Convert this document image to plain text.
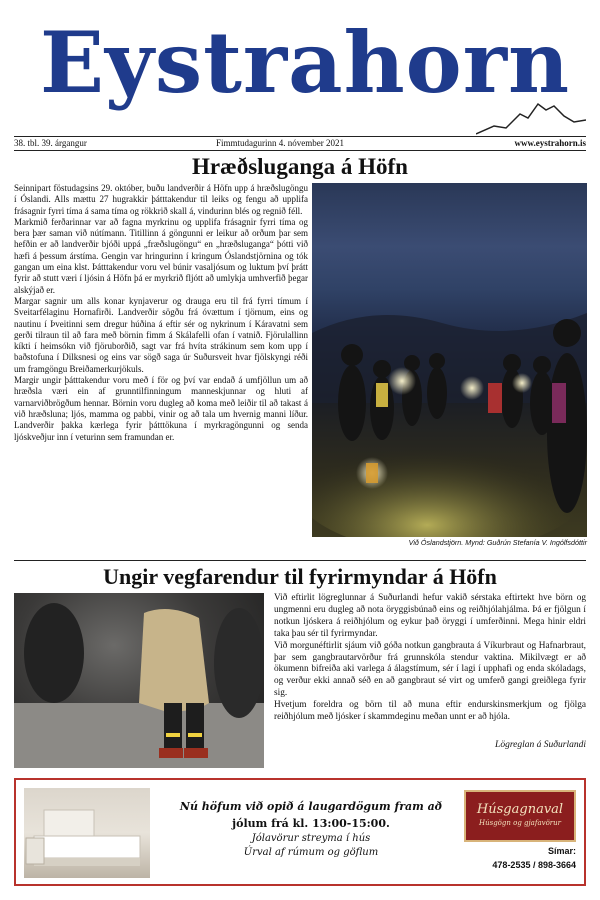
Eystrahorn
38. tbl. 39. árgangur	Fimmtudagurinn 4. nóvember 2021	www.eystrahorn.is
Hræðsluganga á Höfn

Seinnipart föstudagsins 29. október, buðu landverðir á Höfn upp á hræðslugöngu í Óslandi. Alls mættu 27 hugrakkir þátttakendur til leiks og fengu að upplifa frásagnir fyrri tíma á sama tíma og rökkrið skall á, vindurinn blés og regnið féll.

Markmið ferðarinnar var að fagna myrkrinu og upplifa frásagnir fyrri tíma og bera þær saman við nútímann. Titillinn á göngunni er leikur að orðum þar sem hefðin er að landverðir bjóði uppá „fræðslugöngu“ en „hræðsluganga“ þótti við hæfi á þessum árstíma. Gengin var hringurinn í kringum Óslandstjörnina og tók gangan um eina klst. Þátttakendur voru vel búnir vasaljósum og luktum því þrátt fyrir að stutt væri í ljósin á Höfn þá er myrkrið fljótt að umlykja umhverfið þegar alskýjað er.

Margar sagnir um alls konar kynjaverur og drauga eru til frá fyrri tímum í Sveitarfélaginu Hornafirði. Landverðir sögðu frá óvættum í tjörnum, eins og nautinu í Þveitinni sem dregur húðina á eftir sér og nykrinum í Káravatni sem gerði tilraun til að fara með börnin fimm á Skálafelli ofan í vatnið. Fjörulallinn kíkti í heimsókn við fjöruborðið, sagt var frá hvíta strákinum sem kom upp í baðstofuna í Dilksnesi og eins var sögð saga úr Suðursveit hvar fjölskyngi réði um framgöngu Breiðamerkurjökuls.

Margir ungir þátttakendur voru með í för og því var endað á umfjöllun um að hræðsla væri ein af grunntilfinningum manneskjunnar og hluti af varnarviðbrögðum hennar. Börnin voru dugleg að koma með leiðir til að takast á við hræðsluna; ljós, mamma og pabbi, vinir og að tala um hvernig manni líður. Landverðir þakka kærlega fyrir þátttökuna í myrkragöngunni og senda ljóskveðjur inn í veturinn sem framundan er.

Við Óslandstjörn. Mynd: Guðrún Stefanía V. Ingólfsdóttir
Ungir vegfarendur til fyrirmyndar á Höfn

Við eftirlit lögreglunnar á Suðurlandi hefur vakið sérstaka eftirtekt hve börn og ungmenni eru dugleg að nota öryggisbúnað eins og reiðhjólahjálma. Þá er fjölgun í notkun ljóskera á reiðhjólum og eykur það öryggi í umferðinni. Mega hinir eldri taka þau sér til fyrirmyndar.

Við morgunéftirlit sjáum við góða notkun gangbrauta á Víkurbraut og Hafnarbraut, þar sem gangbrautarvörður frá grunnskóla stendur vaktina. Mikilvægt er að ökumenn bifreiða aki varlega á álagstímum, sér í lagi í upphafi og enda skóladags, og verður ekki annað séð en að gangbraut sé virt og umferð gangi greiðlega fyrir sig.

Hvetjum foreldra og börn til að muna eftir endurskinsmerkjum og fjölga reiðhjólum með ljósker í skammdeginu meðan unnt er að hjóla.

Lögreglan á Suðurlandi
Nú höfum við opið á laugardögum fram að
jólum frá kl. 13:00-15:00.
Jólavörur streyma í hús
Úrval af rúmum og göflum
Húsgagnaval
Húsgögn og gjafavörur
Símar:
478-2535 / 898-3664
